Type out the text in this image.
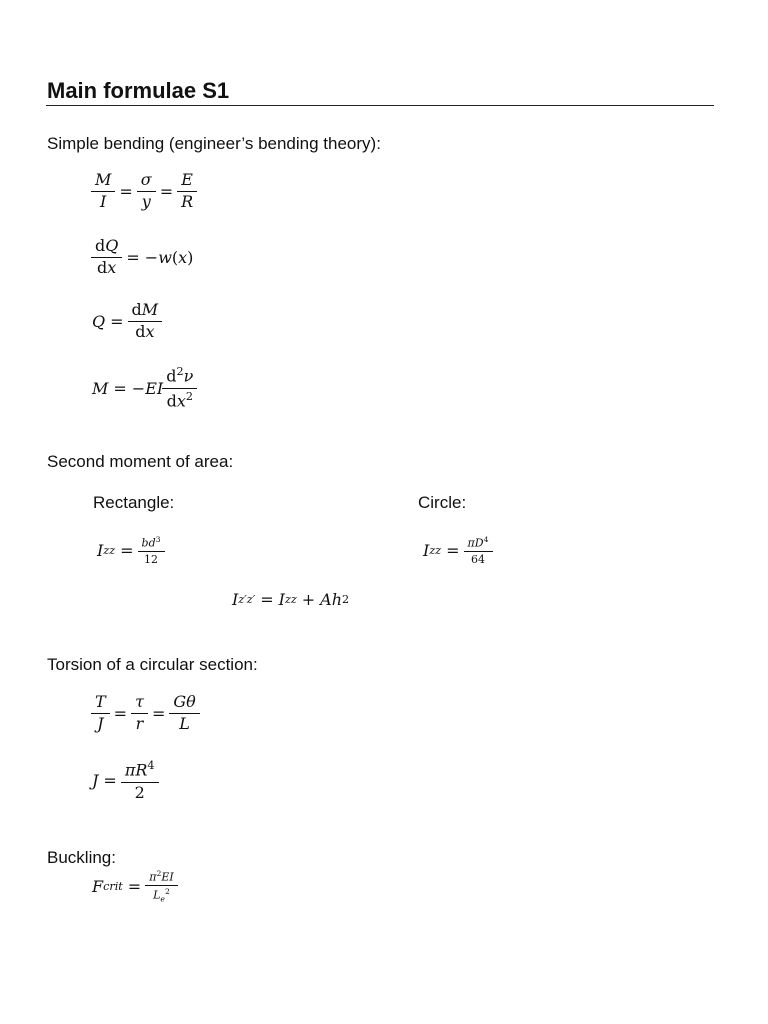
Main formulae S1
Simple bending (engineer’s bending theory):
$\frac{M}{I} = \frac{\sigma}{y} = \frac{E}{R}$
$\frac{dQ}{dx}$ = − w ( x )
$Q = \frac{dM}{dx}$
M = − E I $\frac{d^2\nu}{dx^2}$
Second moment of area:
Rectangle:	Circle:
I zz = $\frac{bd^3}{12}$	I zz = $\frac{\pi D^4}{64}$
I z′z′ = I zz + A h 2
Torsion of a circular section:
$\frac{T}{J} = \frac{\tau}{r} = \frac{G\theta}{L}$
$J = \frac{\pi R^4}{2}$
Buckling:
F crit = $\frac{\pi^2EI}{L_e^2}$
